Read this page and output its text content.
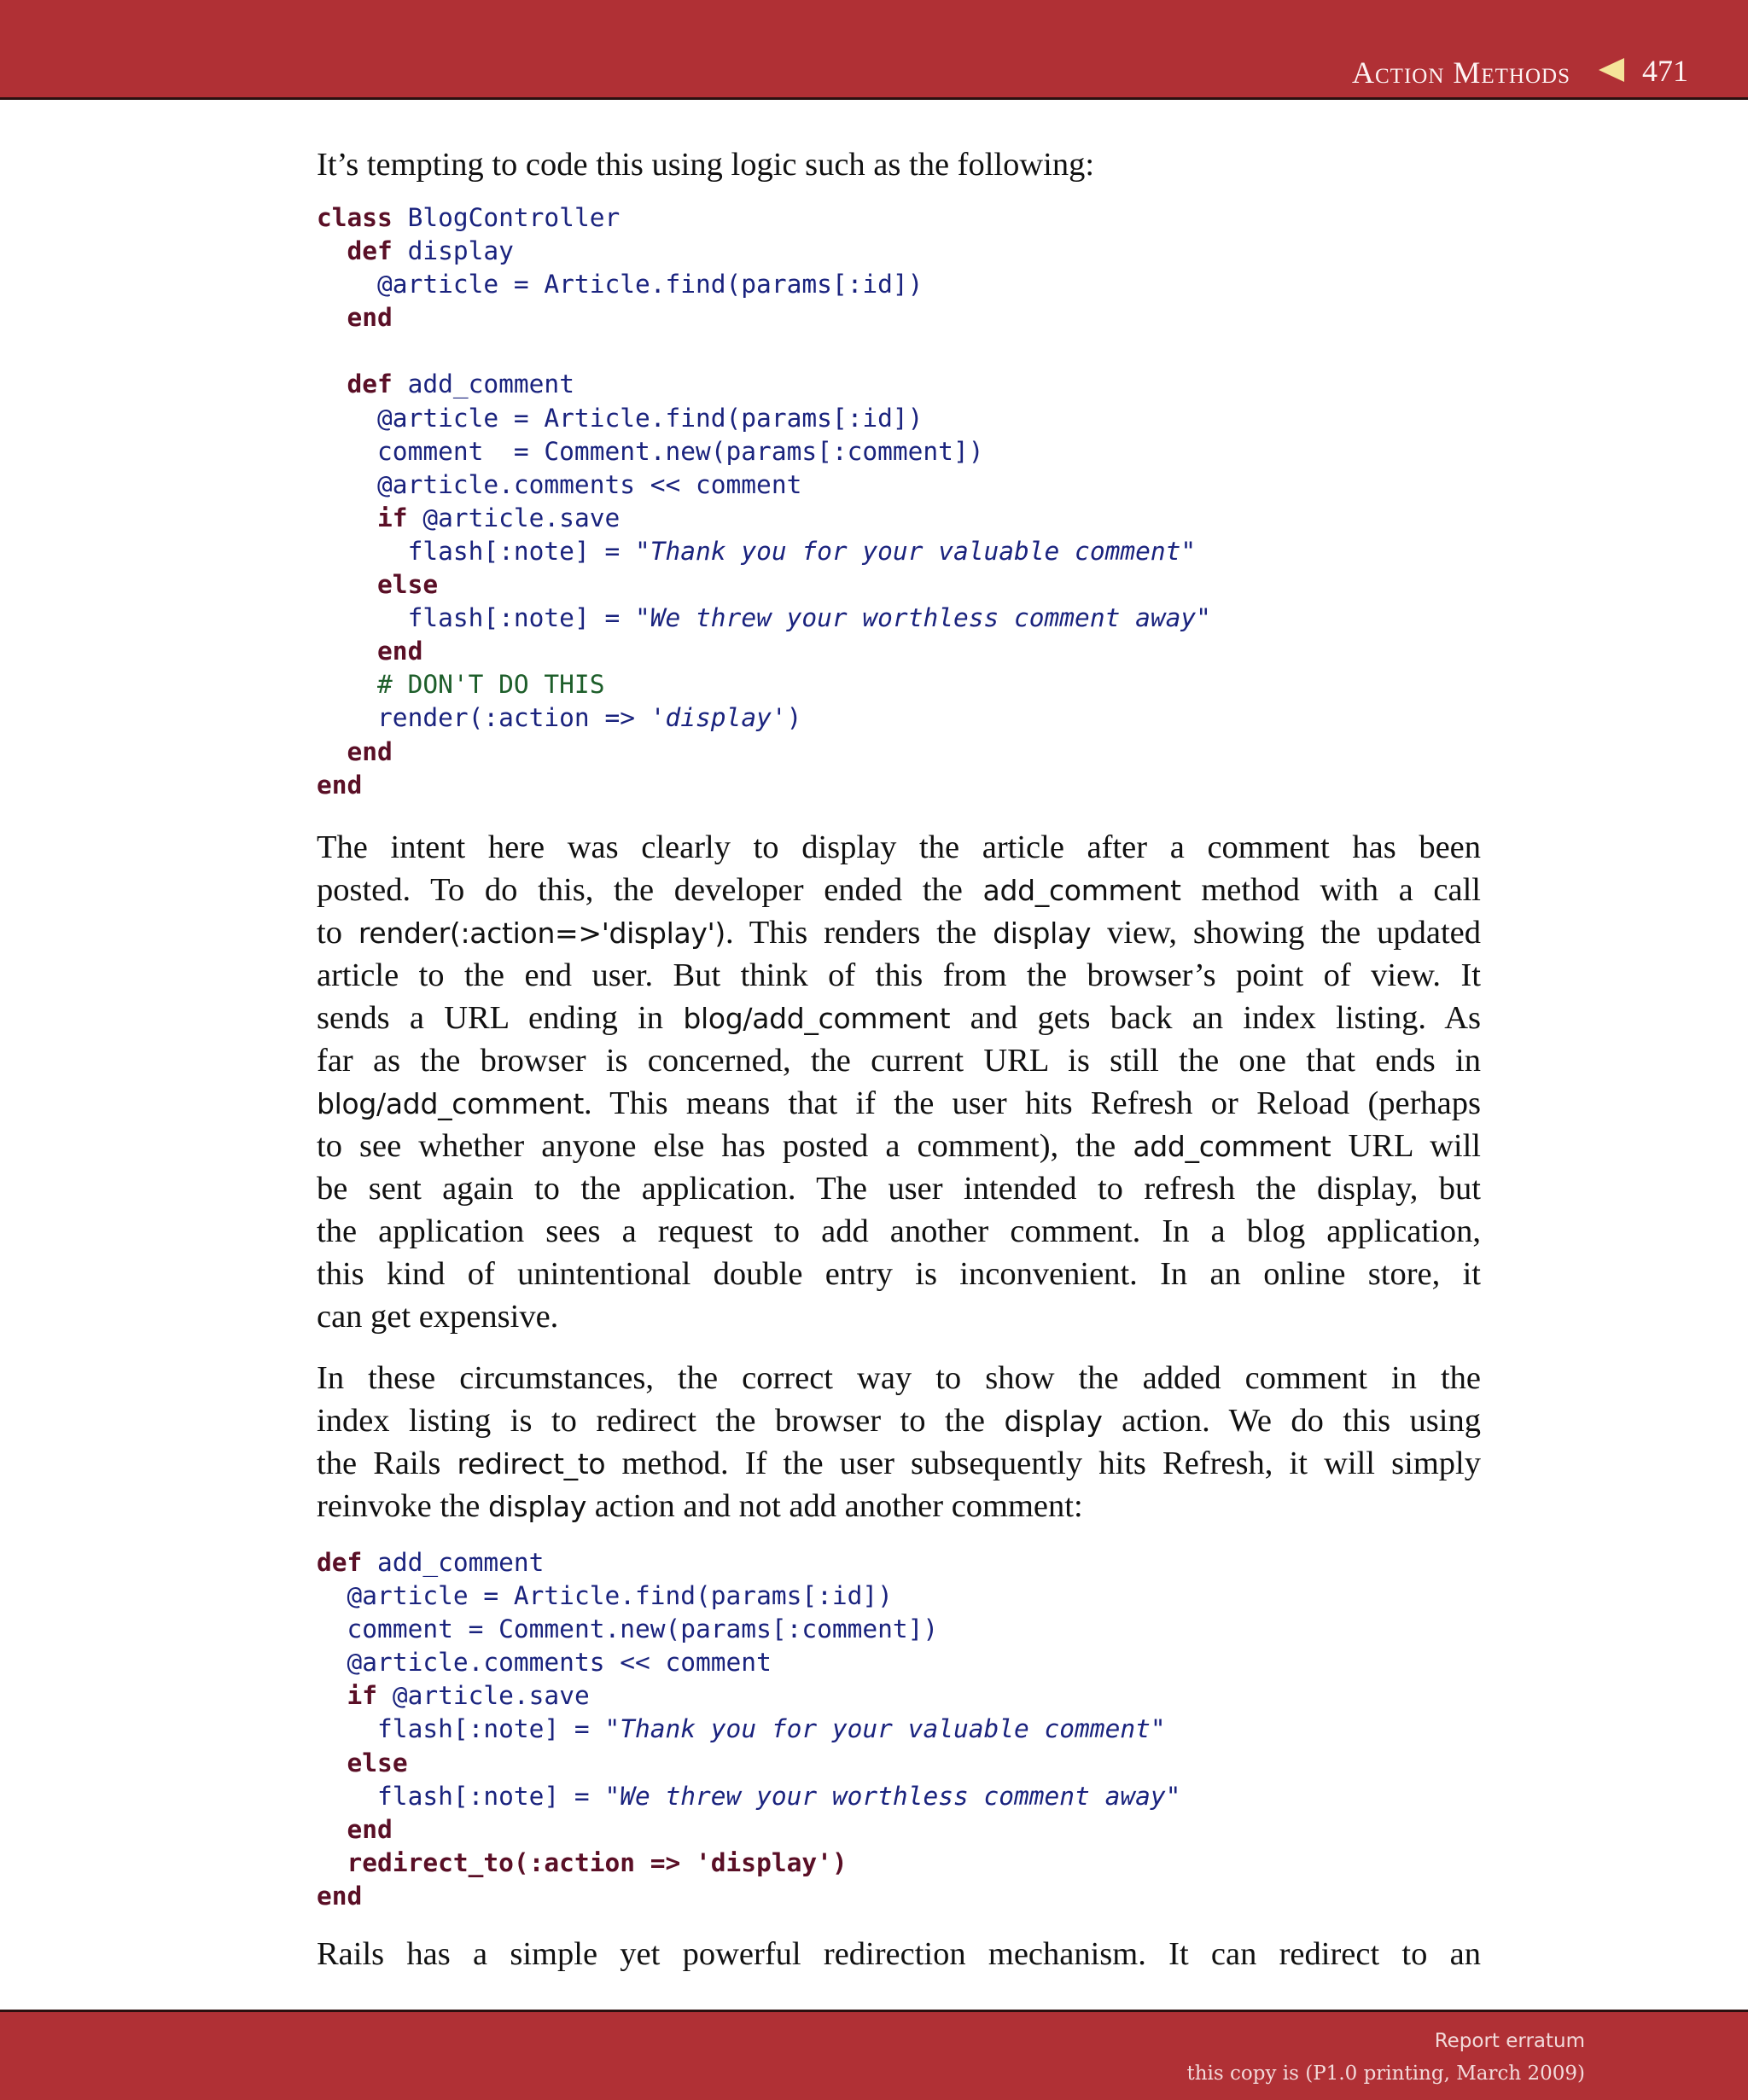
Action Methods 471

It’s tempting to code this using logic such as the following:

class BlogController
def display
@article = Article.find(params[:id])
end

def add_comment
@article = Article.find(params[:id])
comment  = Comment.new(params[:comment])
@article.comments << comment
if @article.save
flash[:note] = "Thank you for your valuable comment"
else
flash[:note] = "We threw your worthless comment away"
end
# DON'T DO THIS
render(:action => 'display')
end
end
The intent here was clearly to display the article after a comment has been
posted. To do this, the developer ended the add_comment method with a call
to render(:action=>'display'). This renders the display view, showing the updated
article to the end user. But think of this from the browser’s point of view. It
sends a URL ending in blog/add_comment and gets back an index listing. As
far as the browser is concerned, the current URL is still the one that ends in
blog/add_comment. This means that if the user hits Refresh or Reload (perhaps
to see whether anyone else has posted a comment), the add_comment URL will
be sent again to the application. The user intended to refresh the display, but
the application sees a request to add another comment. In a blog application,
this kind of unintentional double entry is inconvenient. In an online store, it
can get expensive.
In these circumstances, the correct way to show the added comment in the
index listing is to redirect the browser to the display action. We do this using
the Rails redirect_to method. If the user subsequently hits Refresh, it will simply
reinvoke the display action and not add another comment:
def add_comment
@article = Article.find(params[:id])
comment = Comment.new(params[:comment])
@article.comments << comment
if @article.save
flash[:note] = "Thank you for your valuable comment"
else
flash[:note] = "We threw your worthless comment away"
end
redirect_to(:action => 'display')
end

Rails has a simple yet powerful redirection mechanism. It can redirect to an

Report erratum
this copy is (P1.0 printing, March 2009)
